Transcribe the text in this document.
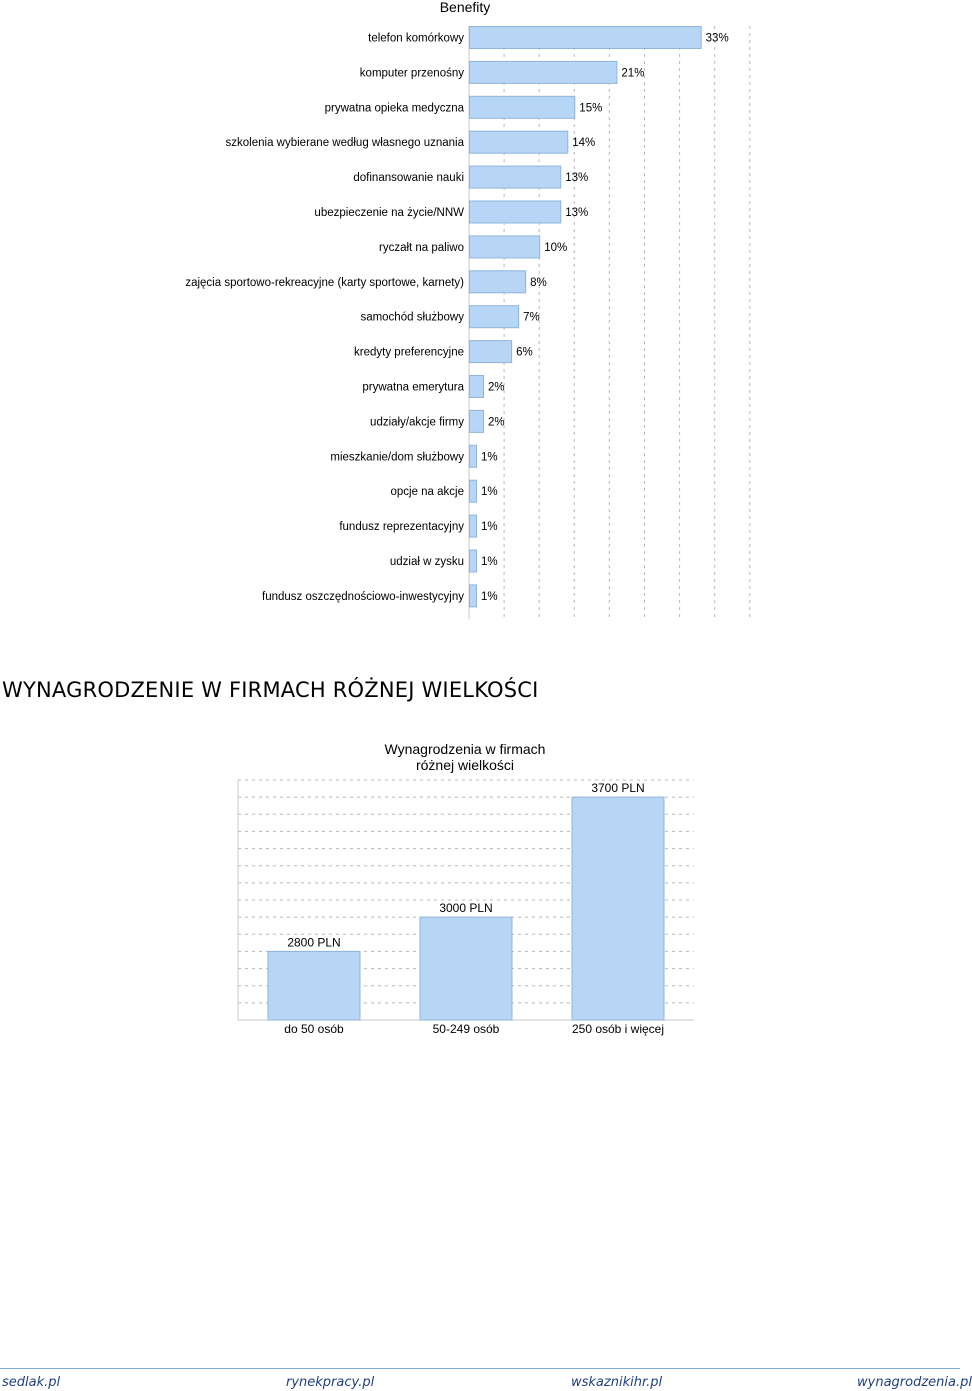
Benefity
telefon komórkowy
komputer przenośny
prywatna opieka medyczna
szkolenia wybierane według własnego uznania
dofinansowanie nauki
ubezpieczenie na życie/NNW
ryczałt na paliwo
zajęcia sportowo-rekreacyjne (karty sportowe, karnety)
samochód służbowy
kredyty preferencyjne
prywatna emerytura
udziały/akcje firmy
mieszkanie/dom służbowy
opcje na akcje
fundusz reprezentacyjny
udział w zysku
fundusz oszczędnościowo-inwestycyjny
33%
21%
15%
14%
13%
13%
10%
8%
7%
6%
2%
2%
1%
1%
1%
1%
1%
WYNAGRODZENIE W FIRMACH RÓŻNEJ WIELKOŚCI
Wynagrodzenia w firmach
różnej wielkości
2800 PLN
3000 PLN
3700 PLN
do 50 osób	50-249 osób	250 osób i więcej
sedlak.pl	rynekpracy.pl	wskaznikihr.pl	wynagrodzenia.pl
